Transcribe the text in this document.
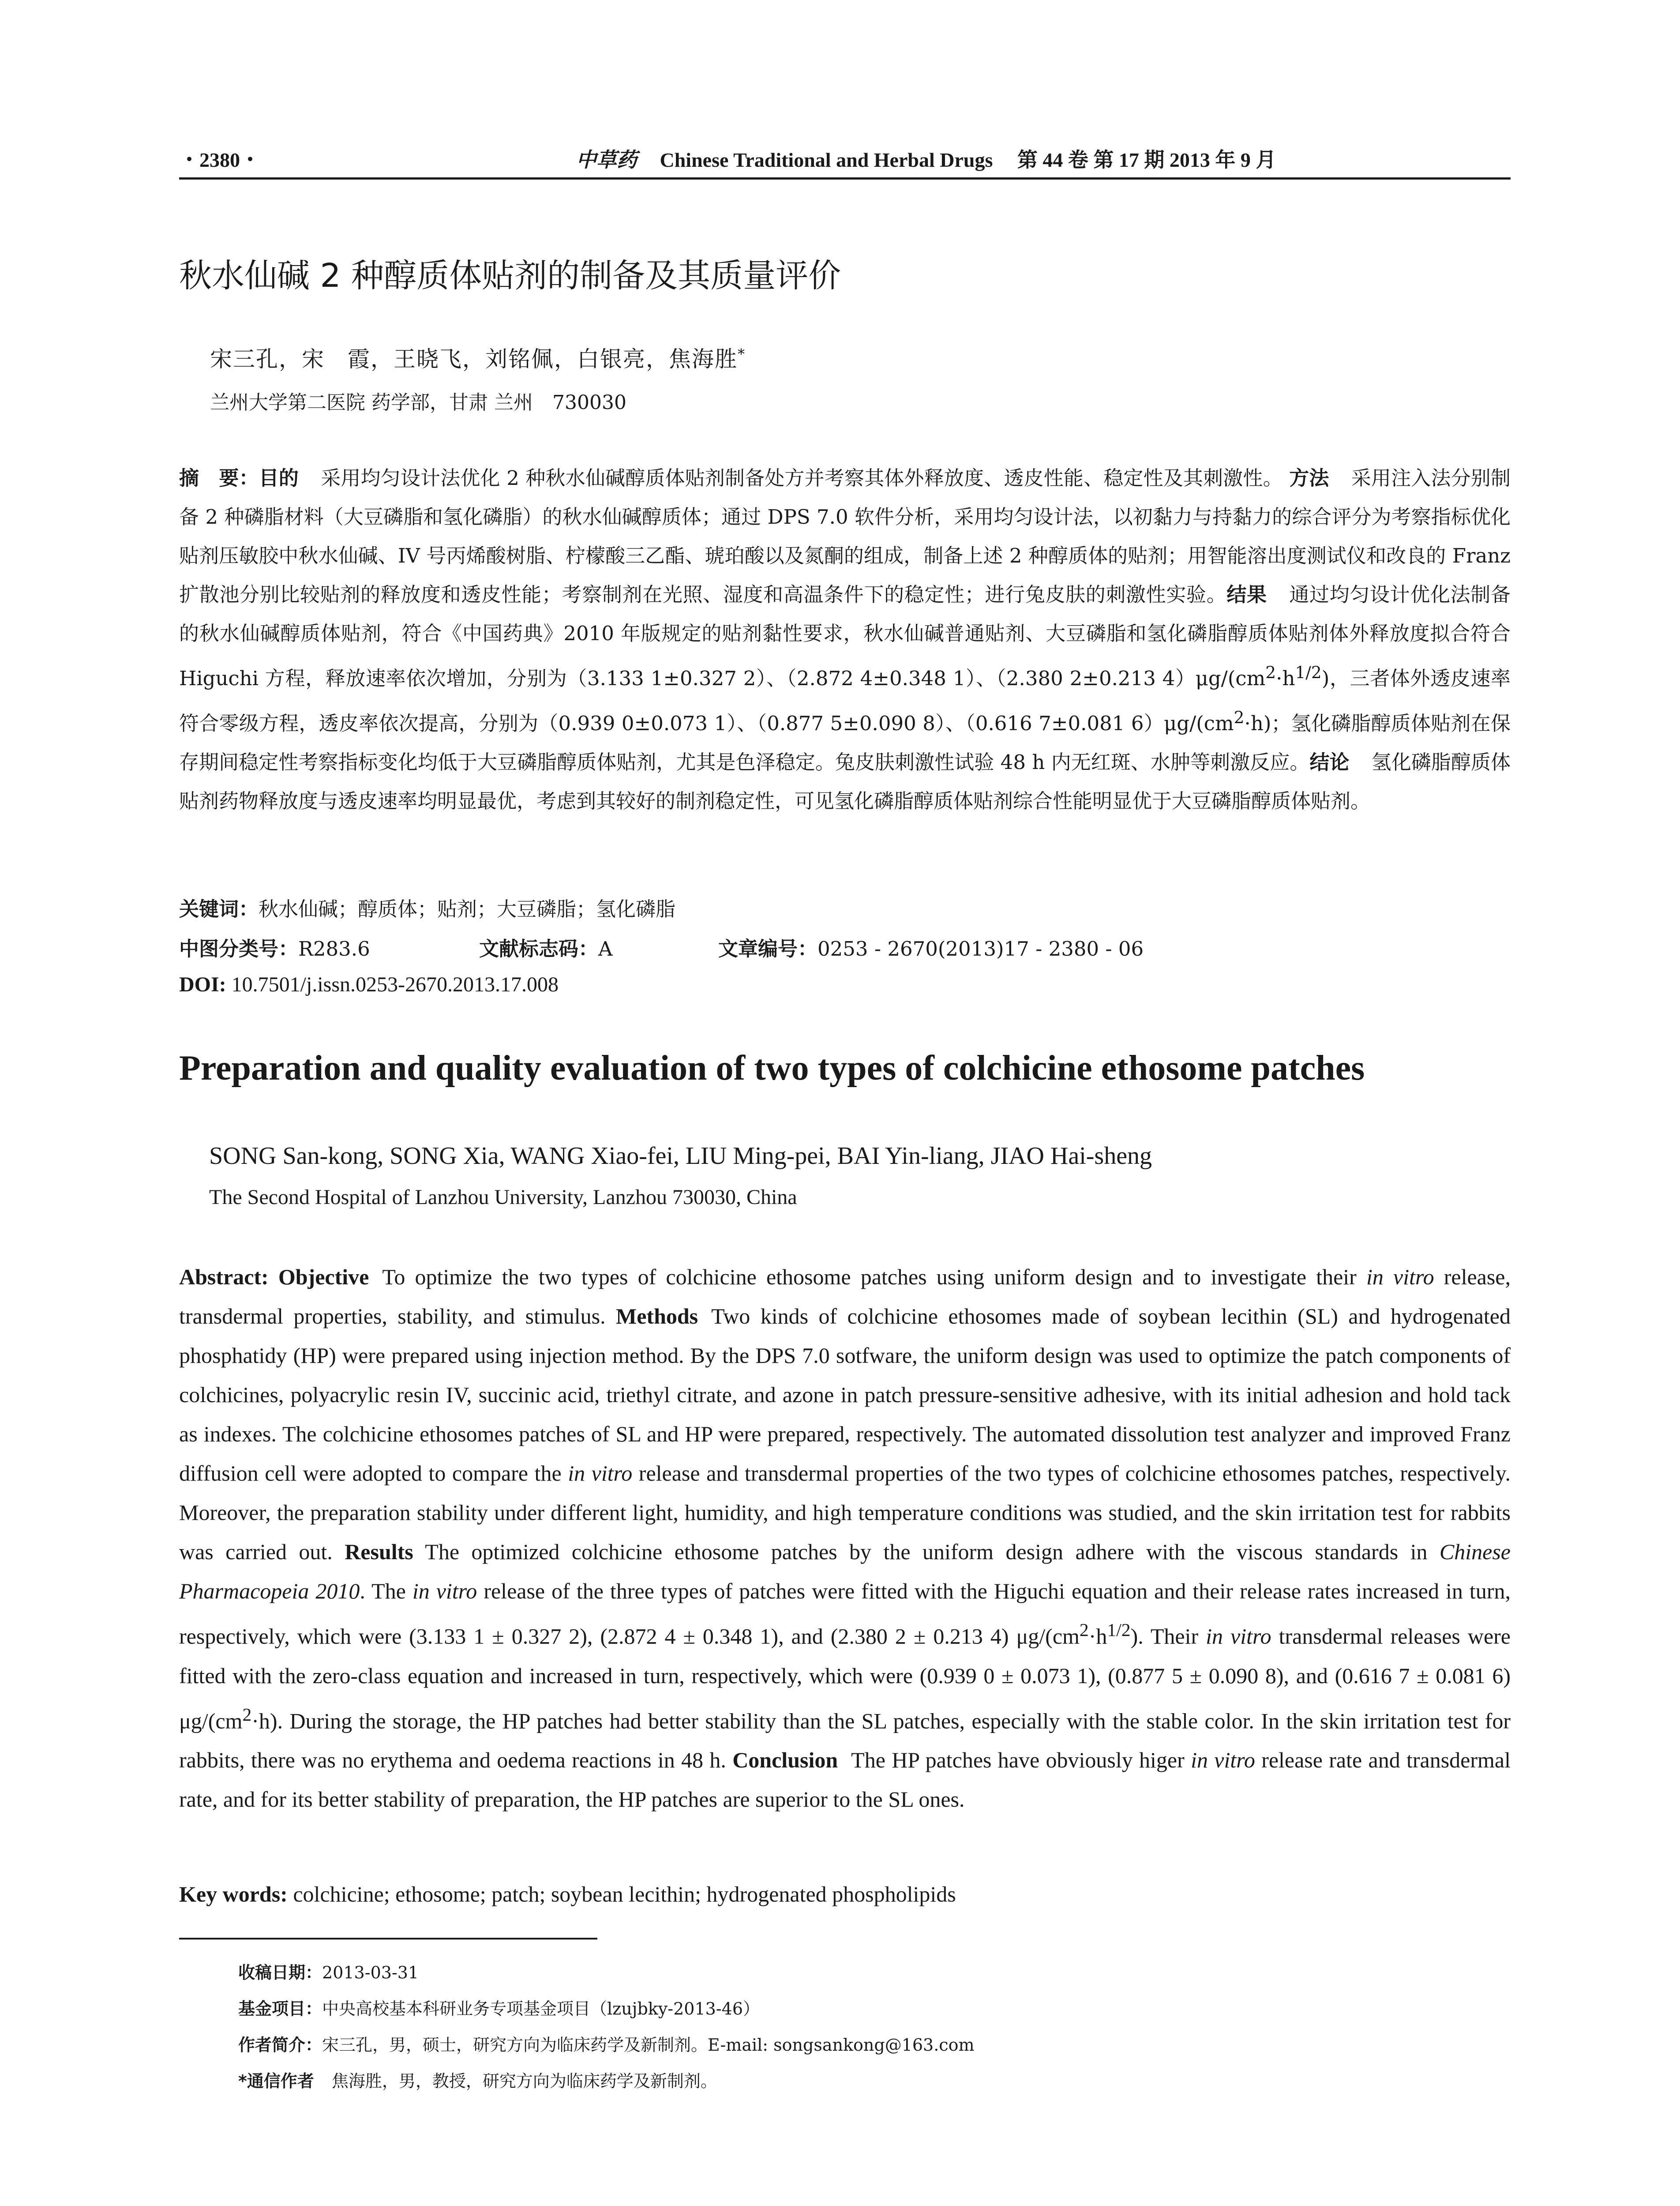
・2380・	中草药 Chinese Traditional and Herbal Drugs 第 44 卷 第 17 期 2013 年 9 月
秋水仙碱 2 种醇质体贴剂的制备及其质量评价
宋三孔，宋　霞，王晓飞，刘铭佩，白银亮，焦海胜*
兰州大学第二医院 药学部，甘肃 兰州　730030
摘　要：目的 采用均匀设计法优化 2 种秋水仙碱醇质体贴剂制备处方并考察其体外释放度、透皮性能、稳定性及其刺激性。 方法 采用注入法分别制备 2 种磷脂材料（大豆磷脂和氢化磷脂）的秋水仙碱醇质体；通过 DPS 7.0 软件分析，采用均匀设计法，以初黏力与持黏力的综合评分为考察指标优化贴剂压敏胶中秋水仙碱、IV 号丙烯酸树脂、柠檬酸三乙酯、琥珀酸以及氮酮的组成，制备上述 2 种醇质体的贴剂；用智能溶出度测试仪和改良的 Franz 扩散池分别比较贴剂的释放度和透皮性能；考察制剂在光照、湿度和高温条件下的稳定性；进行兔皮肤的刺激性实验。结果 通过均匀设计优化法制备的秋水仙碱醇质体贴剂，符合《中国药典》2010 年版规定的贴剂黏性要求，秋水仙碱普通贴剂、大豆磷脂和氢化磷脂醇质体贴剂体外释放度拟合符合 Higuchi 方程，释放速率依次增加，分别为（3.133 1±0.327 2）、（2.872 4±0.348 1）、（2.380 2±0.213 $4)\mu g/(cm^2\cdot h^{1/2})$，三者体外透皮速率符合零级方程，透皮率依次提高，分别为（0.939 0±0.073 1）、（0.877 5±0.090 8）、（0.616 7±0.081 $6)\mu g/(cm^2\cdot h)$；氢化磷脂醇质体贴剂在保存期间稳定性考察指标变化均低于大豆磷脂醇质体贴剂，尤其是色泽稳定。兔皮肤刺激性试验 48 h 内无红斑、水肿等刺激反应。结论 氢化磷脂醇质体贴剂药物释放度与透皮速率均明显最优，考虑到其较好的制剂稳定性，可见氢化磷脂醇质体贴剂综合性能明显优于大豆磷脂醇质体贴剂。
关键词：秋水仙碱；醇质体；贴剂；大豆磷脂；氢化磷脂
中图分类号：R283.6	文献标志码：A	文章编号：0253 - 2670(2013)17 - 2380 - 06
DOI: 10.7501/j.issn.0253-2670.2013.17.008
Preparation and quality evaluation of two types of colchicine ethosome patches
SONG San-kong, SONG Xia, WANG Xiao-fei, LIU Ming-pei, BAI Yin-liang, JIAO Hai-sheng
The Second Hospital of Lanzhou University, Lanzhou 730030, China
Abstract: Objective To optimize the two types of colchicine ethosome patches using uniform design and to investigate their in vitro release, transdermal properties, stability, and stimulus. Methods Two kinds of colchicine ethosomes made of soybean lecithin (SL) and hydrogenated phosphatidy (HP) were prepared using injection method. By the DPS 7.0 sotfware, the uniform design was used to optimize the patch components of colchicines, polyacrylic resin IV, succinic acid, triethyl citrate, and azone in patch pressure-sensitive adhesive, with its initial adhesion and hold tack as indexes. The colchicine ethosomes patches of SL and HP were prepared, respectively. The automated dissolution test analyzer and improved Franz diffusion cell were adopted to compare the in vitro release and transdermal properties of the two types of colchicine ethosomes patches, respectively. Moreover, the preparation stability under different light, humidity, and high temperature conditions was studied, and the skin irritation test for rabbits was carried out. Results The optimized colchicine ethosome patches by the uniform design adhere with the viscous standards in Chinese Pharmacopeia 2010. The in vitro release of the three types of patches were fitted with the Higuchi equation and their release rates increased in turn, respectively, which were (3.133 1 ± 0.327 2), (2.872 4 ± 0.348 1), and (2.380 2 ± 0.213 4) $\mu g/(cm^2\cdot h^{1/2})$. Their in vitro transdermal releases were fitted with the zero-class equation and increased in turn, respectively, which were (0.939 0 ± 0.073 1), (0.877 5 ± 0.090 8), and (0.616 7 ± 0.081 6) $\mu g/(cm^2\cdot h)$. During the storage, the HP patches had better stability than the SL patches, especially with the stable color. In the skin irritation test for rabbits, there was no erythema and oedema reactions in 48 h. Conclusion The HP patches have obviously higer in vitro release rate and transdermal rate, and for its better stability of preparation, the HP patches are superior to the SL ones.
Key words: colchicine; ethosome; patch; soybean lecithin; hydrogenated phospholipids
收稿日期：2013-03-31
基金项目：中央高校基本科研业务专项基金项目（lzujbky-2013-46）
作者简介：宋三孔，男，硕士，研究方向为临床药学及新制剂。E-mail: songsankong@163.com
*通信作者 焦海胜，男，教授，研究方向为临床药学及新制剂。
